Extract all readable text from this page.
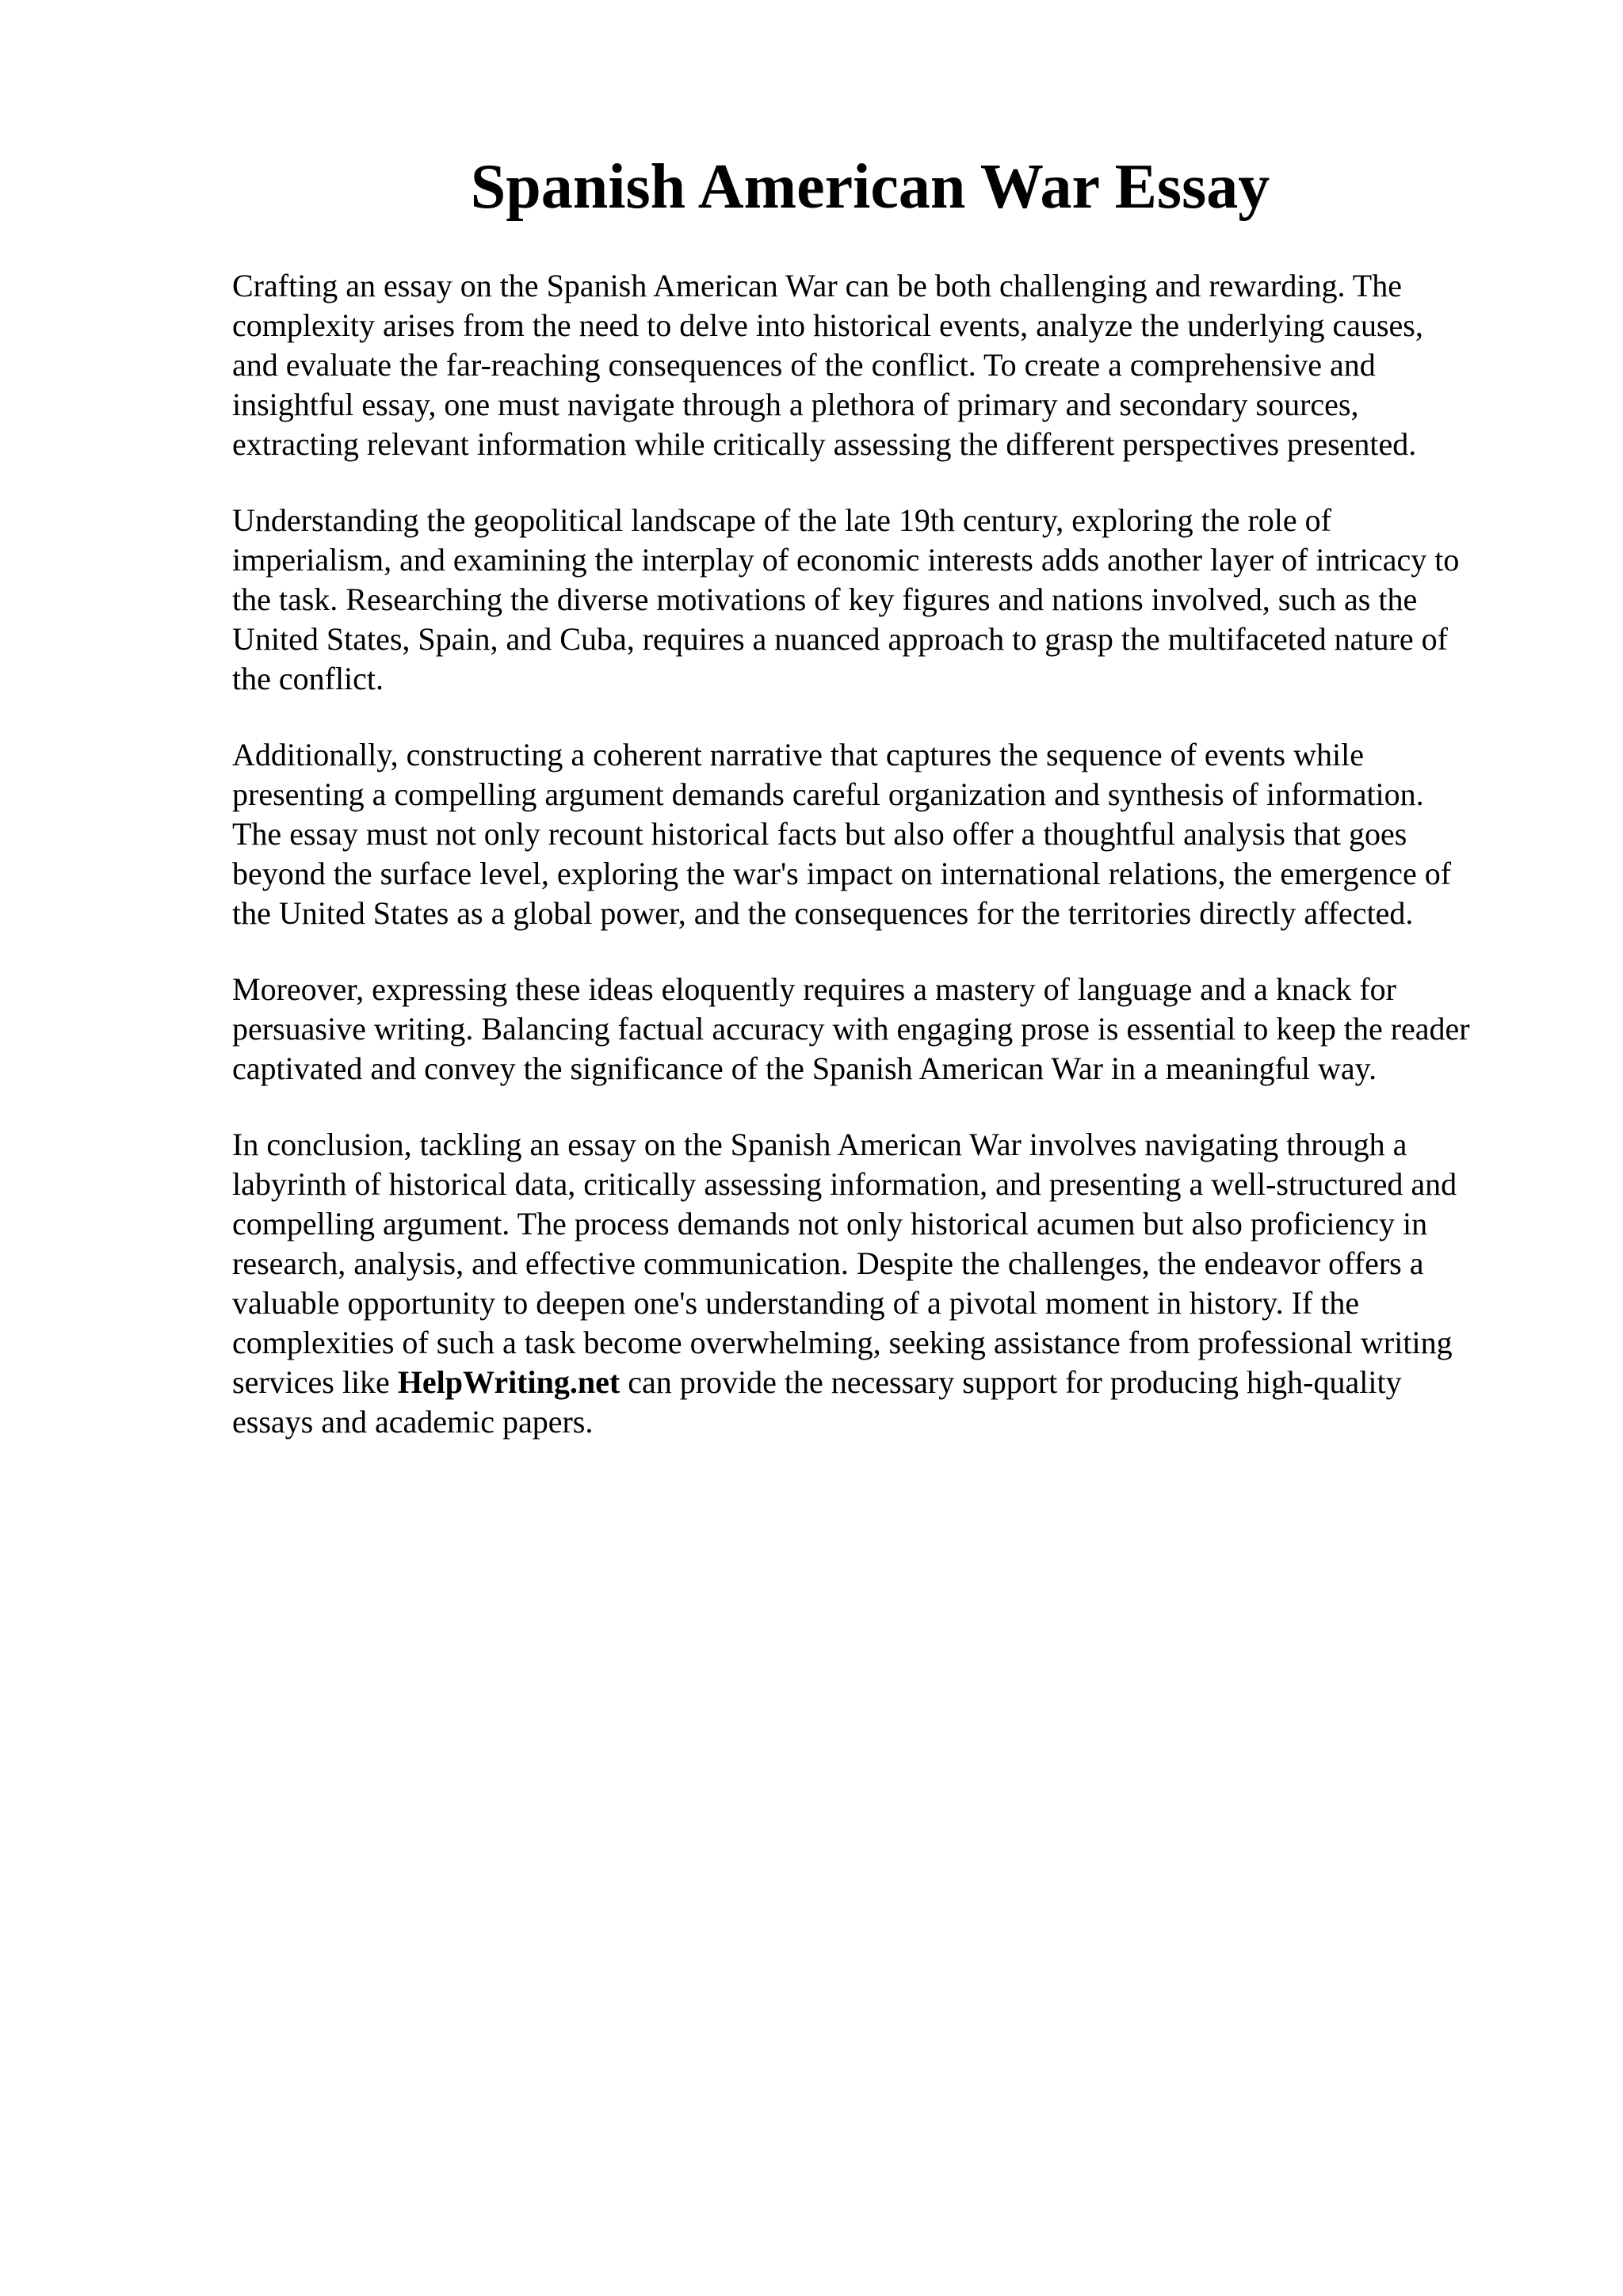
Spanish American War Essay

Crafting an essay on the Spanish American War can be both challenging and rewarding. The
complexity arises from the need to delve into historical events, analyze the underlying causes,
and evaluate the far-reaching consequences of the conflict. To create a comprehensive and
insightful essay, one must navigate through a plethora of primary and secondary sources,
extracting relevant information while critically assessing the different perspectives presented.

Understanding the geopolitical landscape of the late 19th century, exploring the role of
imperialism, and examining the interplay of economic interests adds another layer of intricacy to
the task. Researching the diverse motivations of key figures and nations involved, such as the
United States, Spain, and Cuba, requires a nuanced approach to grasp the multifaceted nature of
the conflict.

Additionally, constructing a coherent narrative that captures the sequence of events while
presenting a compelling argument demands careful organization and synthesis of information.
The essay must not only recount historical facts but also offer a thoughtful analysis that goes
beyond the surface level, exploring the war's impact on international relations, the emergence of
the United States as a global power, and the consequences for the territories directly affected.

Moreover, expressing these ideas eloquently requires a mastery of language and a knack for
persuasive writing. Balancing factual accuracy with engaging prose is essential to keep the reader
captivated and convey the significance of the Spanish American War in a meaningful way.

In conclusion, tackling an essay on the Spanish American War involves navigating through a
labyrinth of historical data, critically assessing information, and presenting a well-structured and
compelling argument. The process demands not only historical acumen but also proficiency in
research, analysis, and effective communication. Despite the challenges, the endeavor offers a
valuable opportunity to deepen one's understanding of a pivotal moment in history. If the
complexities of such a task become overwhelming, seeking assistance from professional writing
services like HelpWriting.net can provide the necessary support for producing high-quality
essays and academic papers.
